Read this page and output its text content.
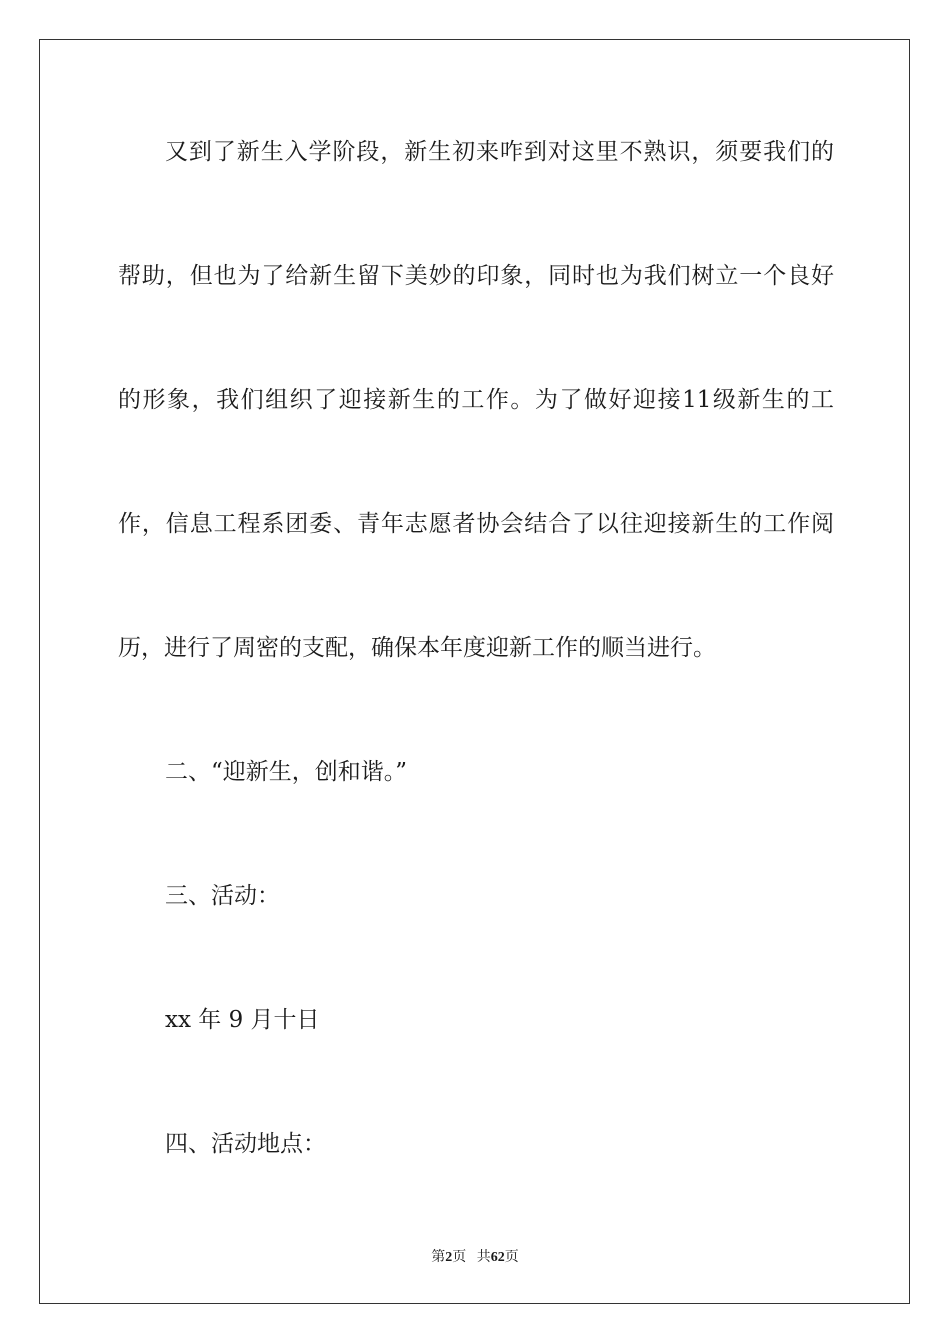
又到了新生入学阶段，新生初来咋到对这里不熟识，须要我们的
帮助，但也为了给新生留下美妙的印象，同时也为我们树立一个良好
的形象，我们组织了迎接新生的工作。为了做好迎接11级新生的工
作，信息工程系团委、青年志愿者协会结合了以往迎接新生的工作阅
历，进行了周密的支配，确保本年度迎新工作的顺当进行。
二、“迎新生，创和谐。”
三、活动：
xx 年 9 月十日
四、活动地点：
第2页 共62页
